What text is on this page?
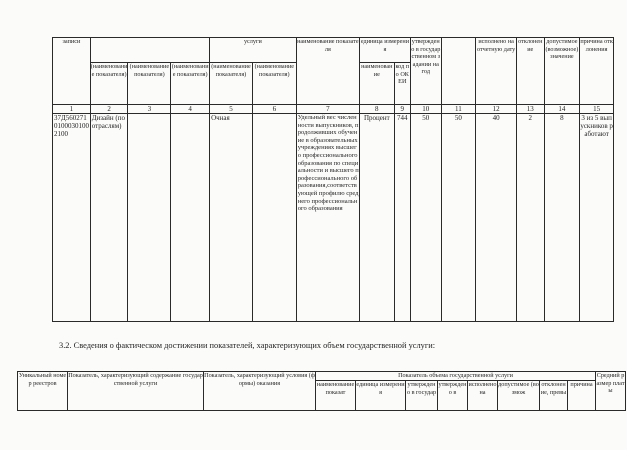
записи				услуги		наименование показателя	единица измерения		утверждено в государственном задании на год		исполнено на отчетную дату	отклонение	допустимое (возможное) значение	причина отклонения
	(наименование показателя)	(наименование показателя)	(наименование показателя)	(наименование показателя)	(наименование показателя)		наименование	код по ОКЕИ						
1	2	3	4	5	6	7	8	9	10	11	12	13	14	15
37Д56027101000301002100	Дизайн (по отраслям)			Очная		Удельный вес численности выпускников, продолживших обучение в образовательных учреждениях высшего профессионального образования по специальности и высшего профессионального образования,соответствующей профилю среднего профессионального образования	Процент	744	50	50	40	2	8	3 из 5 выпускников работают
3.2. Сведения о фактическом достижении показателей, характеризующих объем государственной услуги:
Уникальный номер реестров	Показатель, характеризующий содержание государственной услуги	Показатель, характеризующий условия (формы) оказания	Показатель объема государственной услуги								Средний размер платы
			наименование показат	единица измерения	утверждено в государ	утверждено в	исполнено на	допустимое (возмож	отклонение, превы	причина	
